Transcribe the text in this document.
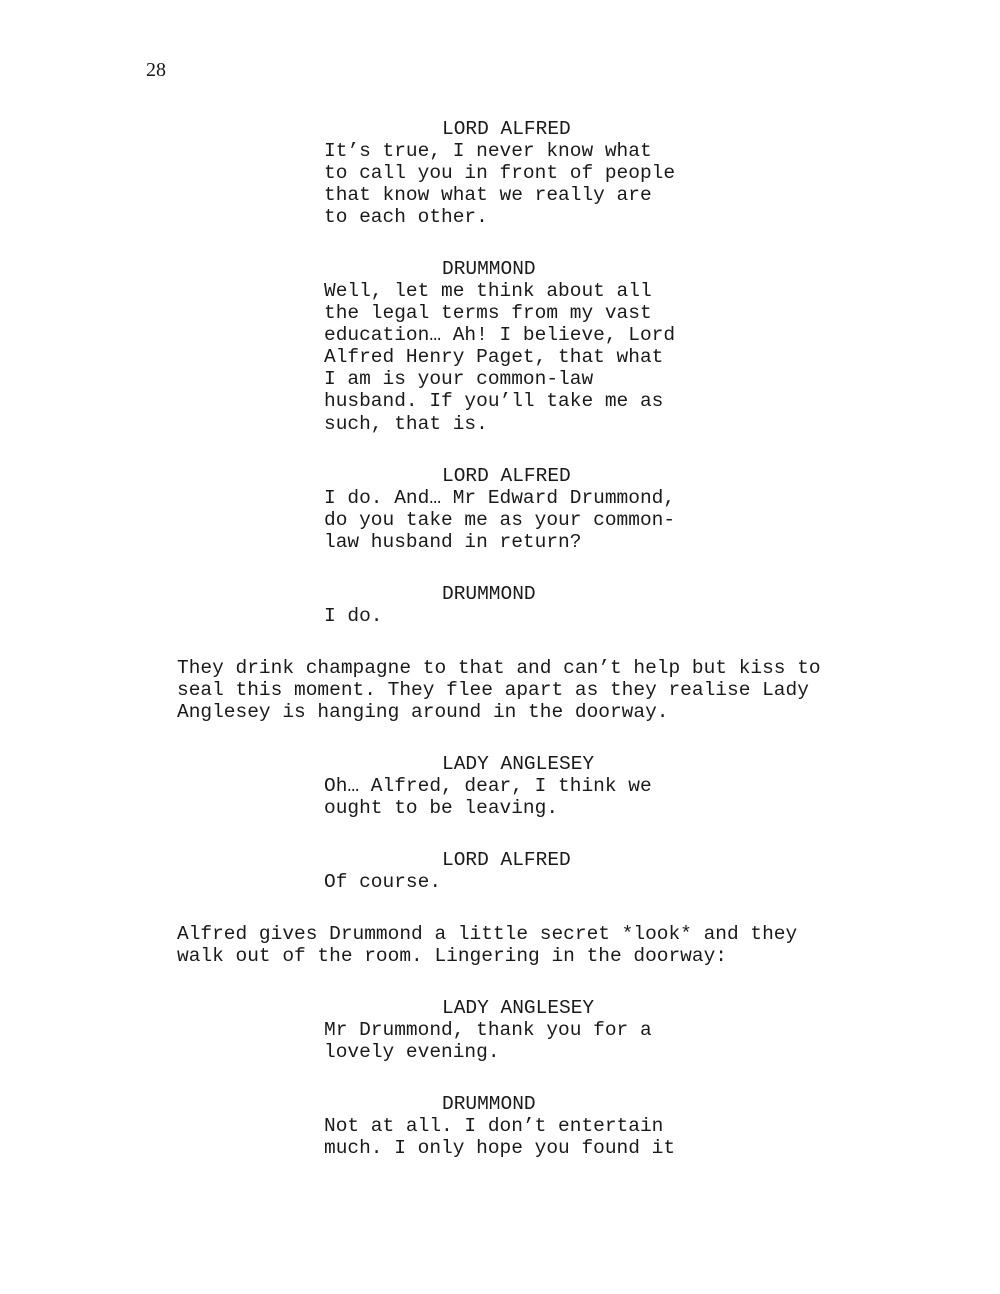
28

LORD ALFRED

It’s true, I never know what
to call you in front of people
that know what we really are
to each other.

DRUMMOND

Well, let me think about all
the legal terms from my vast
education… Ah! I believe, Lord
Alfred Henry Paget, that what
I am is your common-law
husband. If you’ll take me as
such, that is.

LORD ALFRED

I do. And… Mr Edward Drummond,
do you take me as your common-
law husband in return?

DRUMMOND

I do.

They drink champagne to that and can’t help but kiss to
seal this moment. They flee apart as they realise Lady
Anglesey is hanging around in the doorway.

LADY ANGLESEY

Oh… Alfred, dear, I think we
ought to be leaving.

LORD ALFRED

Of course.

Alfred gives Drummond a little secret *look* and they
walk out of the room. Lingering in the doorway:

LADY ANGLESEY

Mr Drummond, thank you for a
lovely evening.

DRUMMOND

Not at all. I don’t entertain
much. I only hope you found it
